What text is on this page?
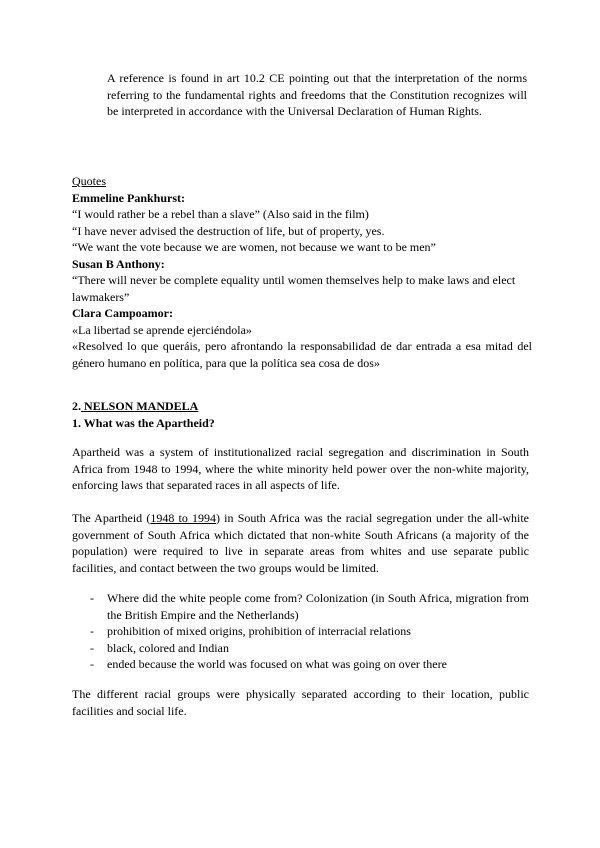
A reference is found in art 10.2 CE pointing out that the interpretation of the norms referring to the fundamental rights and freedoms that the Constitution recognizes will be interpreted in accordance with the Universal Declaration of Human Rights.

Quotes

Emmeline Pankhurst:

“I would rather be a rebel than a slave” (Also said in the film)

“I have never advised the destruction of life, but of property, yes.

“We want the vote because we are women, not because we want to be men”

Susan B Anthony:

“There will never be complete equality until women themselves help to make laws and elect lawmakers”

Clara Campoamor:

«La libertad se aprende ejerciéndola»

«Resolved lo que queráis, pero afrontando la responsabilidad de dar entrada a esa mitad del género humano en política, para que la política sea cosa de dos»

2. NELSON MANDELA

1. What was the Apartheid?

Apartheid was a system of institutionalized racial segregation and discrimination in South Africa from 1948 to 1994, where the white minority held power over the non-white majority, enforcing laws that separated races in all aspects of life.

The Apartheid (1948 to 1994) in South Africa was the racial segregation under the all-white government of South Africa which dictated that non-white South Africans (a majority of the population) were required to live in separate areas from whites and use separate public facilities, and contact between the two groups would be limited.

- Where did the white people come from? Colonization (in South Africa, migration from the British Empire and the Netherlands)

- prohibition of mixed origins, prohibition of interracial relations

- black, colored and Indian

- ended because the world was focused on what was going on over there

The different racial groups were physically separated according to their location, public facilities and social life.
